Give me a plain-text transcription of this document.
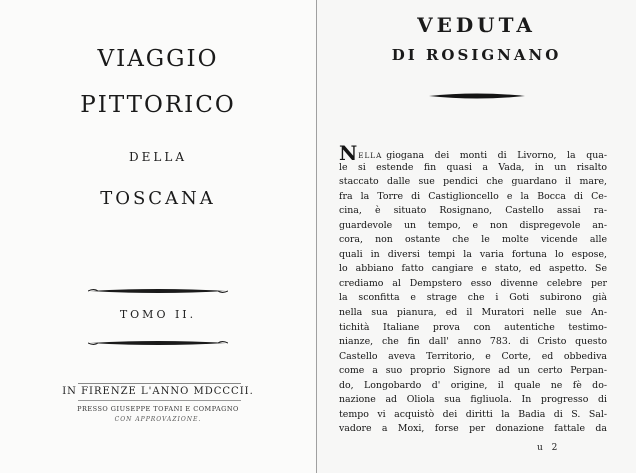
VIAGGIO
PITTORICO
DELLA
TOSCANA
TOMO II.
IN FIRENZE L'ANNO MDCCCII.
PRESSO GIUSEPPE TOFANI E COMPAGNO
CON APPROVAZIONE.
VEDUTA
DI ROSIGNANO
NELLA giogana dei monti di Livorno, la qua-
le si estende fin quasi a Vada, in un risalto
staccato dalle sue pendici che guardano il mare,
fra la Torre di Castiglioncello e la Bocca di Ce-
cina, è situato Rosignano, Castello assai ra-
guardevole un tempo, e non dispregevole an-
cora, non ostante che le molte vicende alle
quali in diversi tempi la varia fortuna lo espose,
lo abbiano fatto cangiare e stato, ed aspetto. Se
crediamo al Dempstero esso divenne celebre per
la sconfitta e strage che i Goti subirono già
nella sua pianura, ed il Muratori nelle sue An-
tichità Italiane prova con autentiche testimo-
nianze, che fin dall' anno 783. di Cristo questo
Castello aveva Territorio, e Corte, ed obbediva
come a suo proprio Signore ad un certo Perpan-
do, Longobardo d' origine, il quale ne fè do-
nazione ad Oliola sua figliuola. In progresso di
tempo vi acquistò dei diritti la Badia di S. Sal-
vadore a Moxi, forse per donazione fattale da
u 2
